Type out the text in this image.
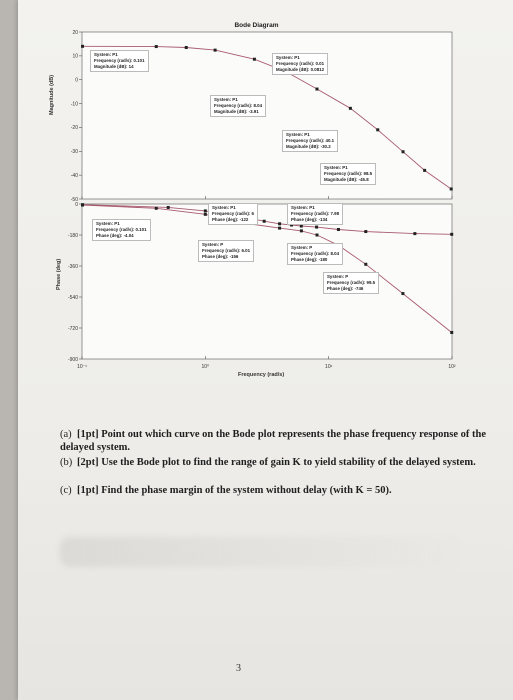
Bode Diagram
20
10
0
-10
-20
-30
-40
-50
0
-180
-360
-540
-720
-900
10⁻¹	10⁰	10¹	10²
Magnitude (dB)
Phase (deg)
Frequency (rad/s)
System: P1
Frequency (rad/s): 0.101
Magnitude (dB): 14
System: P1
Frequency (rad/s): 0.01
Magnitude (dB): 0.0812
System: P1
Frequency (rad/s): 8.04
Magnitude (dB): -3.91
System: P1
Frequency (rad/s): 40.1
Magnitude (dB): -30.2
System: P1
Frequency (rad/s): 98.5
Magnitude (dB): -45.8
System: P1
Frequency (rad/s): 0.101
Phase (deg): -4.04
System: P1
Frequency (rad/s): 6
Phase (deg): -122
System: P1
Frequency (rad/s): 7.98
Phase (deg): -134
System: P
Frequency (rad/s): 6.01
Phase (deg): -156
System: P
Frequency (rad/s): 8.04
Phase (deg): -180
System: P
Frequency (rad/s): 99.5
Phase (deg): -746
(a) [1pt] Point out which curve on the Bode plot represents the phase frequency response of the delayed system.
(b) [2pt] Use the Bode plot to find the range of gain K to yield stability of the delayed system.
(c) [1pt] Find the phase margin of the system without delay (with K = 50).
3
